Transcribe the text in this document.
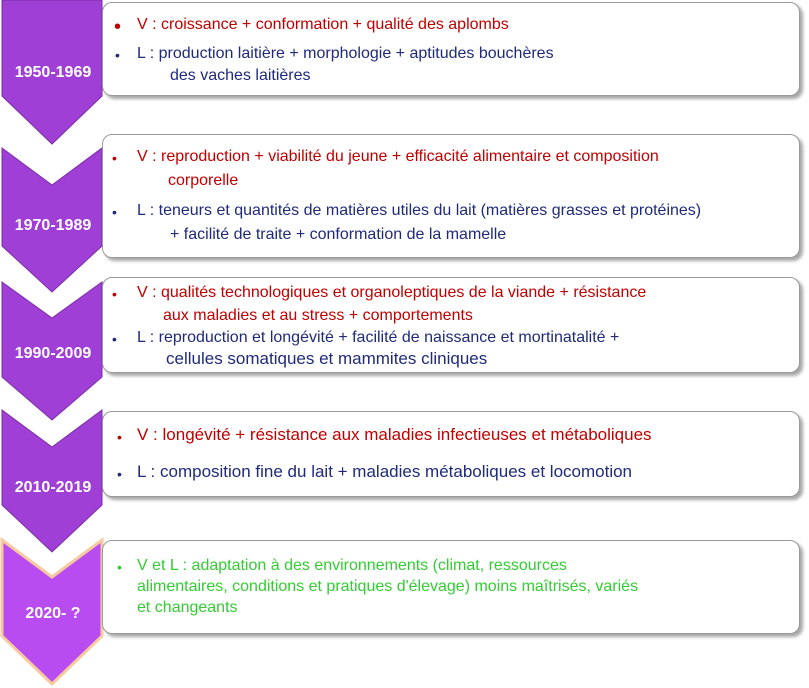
1950-1969
1970-1989
1990-2009
2010-2019
2020- ?
• V : croissance + conformation + qualité des aplombs
• L : production laitière + morphologie + aptitudes bouchères
des vaches laitières
• V : reproduction + viabilité du jeune + efficacité alimentaire et composition
corporelle
• L : teneurs et quantités de matières utiles du lait (matières grasses et protéines)
+ facilité de traite + conformation de la mamelle
• V : qualités technologiques et organoleptiques de la viande + résistance
aux maladies et au stress + comportements
• L : reproduction et longévité + facilité de naissance et mortinatalité +
cellules somatiques et mammites cliniques
• V : longévité + résistance aux maladies infectieuses et métaboliques
• L : composition fine du lait + maladies métaboliques et locomotion
• V et L : adaptation à des environnements (climat, ressources
alimentaires, conditions et pratiques d'élevage) moins maîtrisés, variés
et changeants
